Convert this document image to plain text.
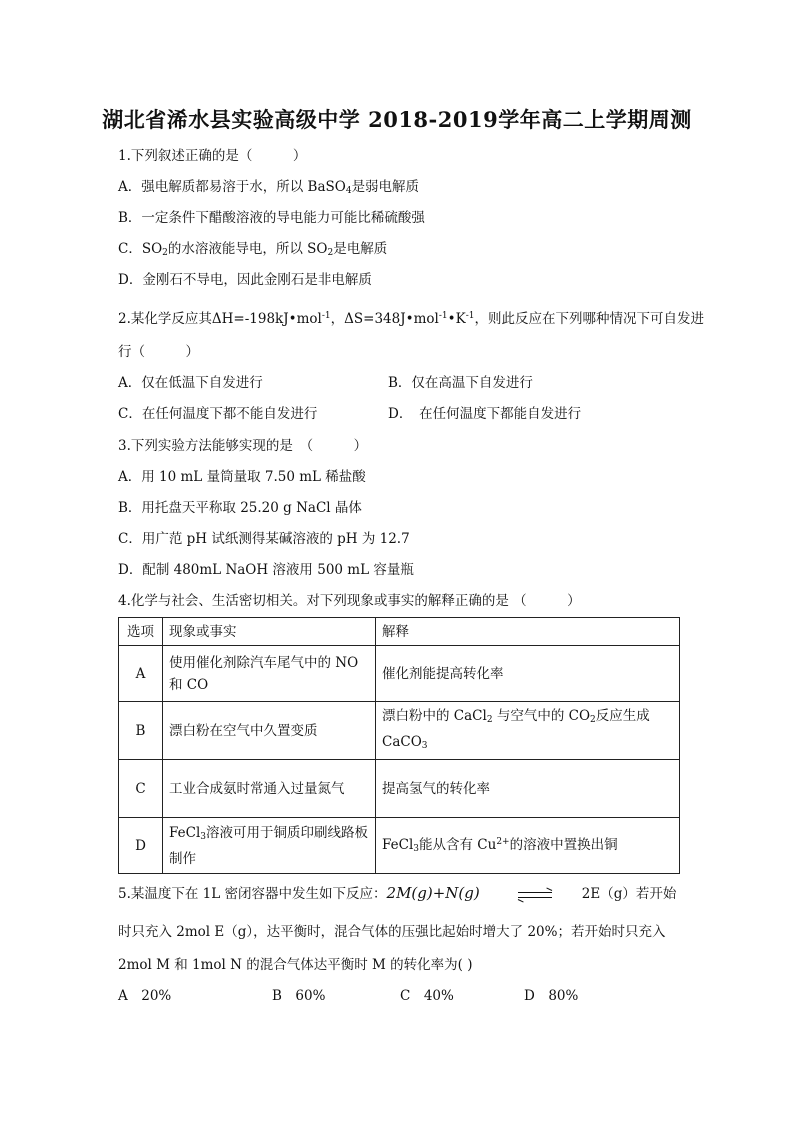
湖北省浠水县实验高级中学 2018-2019学年高二上学期周测
1.下列叙述正确的是（　　　）
A．强电解质都易溶于水，所以 BaSO$_4$是弱电解质
B．一定条件下醋酸溶液的导电能力可能比稀硫酸强
C．$SO_2$的水溶液能导电，所以 $SO_2$是电解质
D．金刚石不导电，因此金刚石是非电解质
2.某化学反应其ΔH=-198kJ•mol$^{-1}$，$\Delta S=348J•mol^{-1}•K^{-1}$，则此反应在下列哪种情况下可自发进
行（　　　）
A．仅在低温下自发进行	B．仅在高温下自发进行
C．在任何温度下都不能自发进行	D．　在任何温度下都能自发进行
3.下列实验方法能够实现的是　（　　　）
A．用 10 mL 量筒量取 7.50 mL 稀盐酸
B．用托盘天平称取 25.20 g NaCl 晶体
C．用广范 pH 试纸测得某碱溶液的 pH 为 12.7
D．配制 480mL NaOH 溶液用 500 mL 容量瓶
4.化学与社会、生活密切相关。对下列现象或事实的解释正确的是 （　　　）
选项	现象或事实	解释
A	使用催化剂除汽车尾气中的 NO 和 CO	催化剂能提高转化率
B	漂白粉在空气中久置变质	漂白粉中的 CaCl$_2$ 与空气中的 $CO_2$反应生成
CaCO$_3$
C	工业合成氨时常通入过量氮气	提高氢气的转化率
D	FeCl$_3$溶液可用于铜质印刷线路板制作	FeCl$_3$能从含有 $Cu^{2+}$的溶液中置换出铜
5.某温度下在 1L 密闭容器中发生如下反应：2M(g)+N(g)	2E（g）若开始
时只充入 2mol E（g），达平衡时，混合气体的压强比起始时增大了 20%；若开始时只充入
2mol M 和 1mol N 的混合气体达平衡时 M 的转化率为( )
A　20%	B　60%	C　40%	D　80%
